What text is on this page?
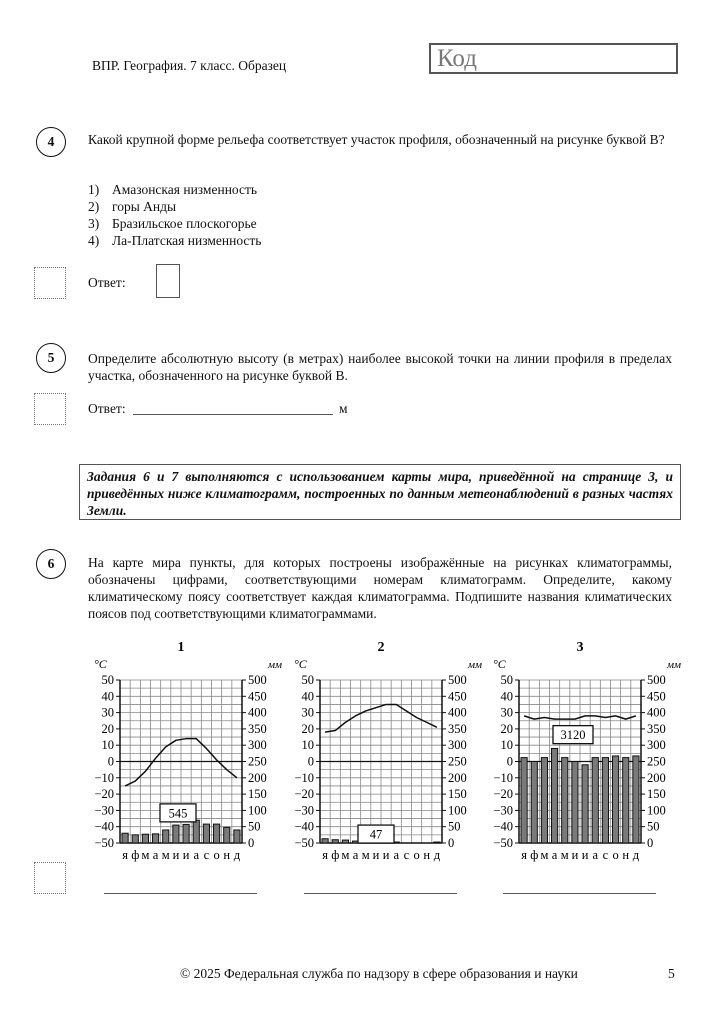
ВПР. География. 7 класс. Образец	Код
4	Какой крупной форме рельефа соответствует участок профиля, обозначенный на рисунке буквой В?
1) Амазонская низменность
2) горы Анды
3) Бразильское плоскогорье
4) Ла-Платская низменность
Ответ:
5	Определите абсолютную высоту (в метрах) наиболее высокой точки на линии профиля в пределах участка, обозначенного на рисунке буквой В.
Ответ:	м
Задания 6 и 7 выполняются с использованием карты мира, приведённой на странице 3, и приведённых ниже климатограмм, построенных по данным метеонаблюдений в разных частях Земли.
6	На карте мира пункты, для которых построены изображённые на рисунках климатограммы, обозначены цифрами, соответствующими номерам климатограмм. Определите, какому климатическому поясу соответствует каждая климатограмма. Подпишите названия климатических поясов под соответствующими климатограммами.
1
°C	мм
50
40
30
20
10
0
−10
−20
−30
−40
−50
500
450
400
350
300
250
200
150
100
50
0
545
я ф м а м и и а с о н д
2
°C	мм
50
40
30
20
10
0
−10
−20
−30
−40
−50
500
450
400
350
300
250
200
150
100
50
0
47
я ф м а м и и а с о н д
3
°C	мм
50
40
30
20
10
0
−10
−20
−30
−40
−50
500
450
400
350
300
250
200
150
100
50
0
3120
я ф м а м и и а с о н д
© 2025 Федеральная служба по надзору в сфере образования и науки	5
